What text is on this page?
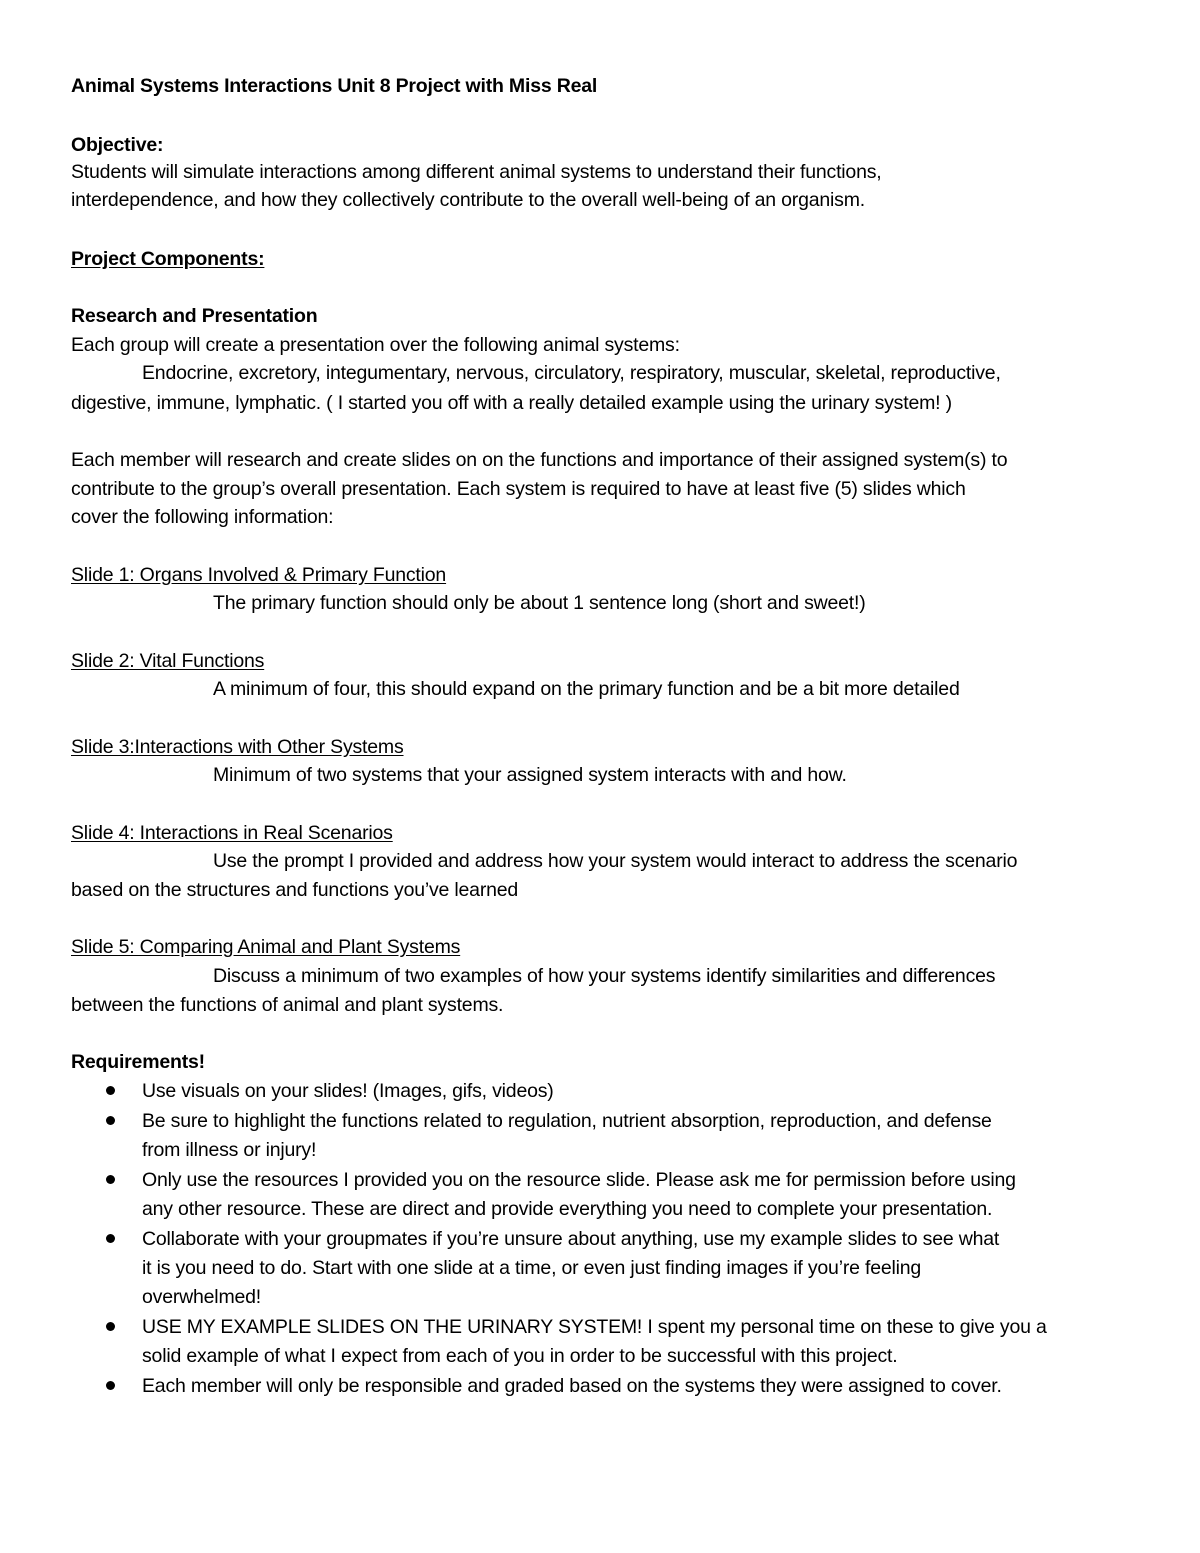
Animal Systems Interactions Unit 8 Project with Miss Real
Objective:
Students will simulate interactions among different animal systems to understand their functions,
interdependence, and how they collectively contribute to the overall well-being of an organism.
Project Components:
Research and Presentation
Each group will create a presentation over the following animal systems:
Endocrine, excretory, integumentary, nervous, circulatory, respiratory, muscular, skeletal, reproductive,
digestive, immune, lymphatic. ( I started you off with a really detailed example using the urinary system! )
Each member will research and create slides on on the functions and importance of their assigned system(s) to
contribute to the group’s overall presentation. Each system is required to have at least five (5) slides which
cover the following information:
Slide 1: Organs Involved & Primary Function
The primary function should only be about 1 sentence long (short and sweet!)
Slide 2: Vital Functions
A minimum of four, this should expand on the primary function and be a bit more detailed
Slide 3:Interactions with Other Systems
Minimum of two systems that your assigned system interacts with and how.
Slide 4: Interactions in Real Scenarios
Use the prompt I provided and address how your system would interact to address the scenario
based on the structures and functions you’ve learned
Slide 5: Comparing Animal and Plant Systems
Discuss a minimum of two examples of how your systems identify similarities and differences
between the functions of animal and plant systems.
Requirements!
Use visuals on your slides! (Images, gifs, videos)
Be sure to highlight the functions related to regulation, nutrient absorption, reproduction, and defense
from illness or injury!
Only use the resources I provided you on the resource slide. Please ask me for permission before using
any other resource. These are direct and provide everything you need to complete your presentation.
Collaborate with your groupmates if you’re unsure about anything, use my example slides to see what
it is you need to do. Start with one slide at a time, or even just finding images if you’re feeling
overwhelmed!
USE MY EXAMPLE SLIDES ON THE URINARY SYSTEM! I spent my personal time on these to give you a
solid example of what I expect from each of you in order to be successful with this project.
Each member will only be responsible and graded based on the systems they were assigned to cover.
